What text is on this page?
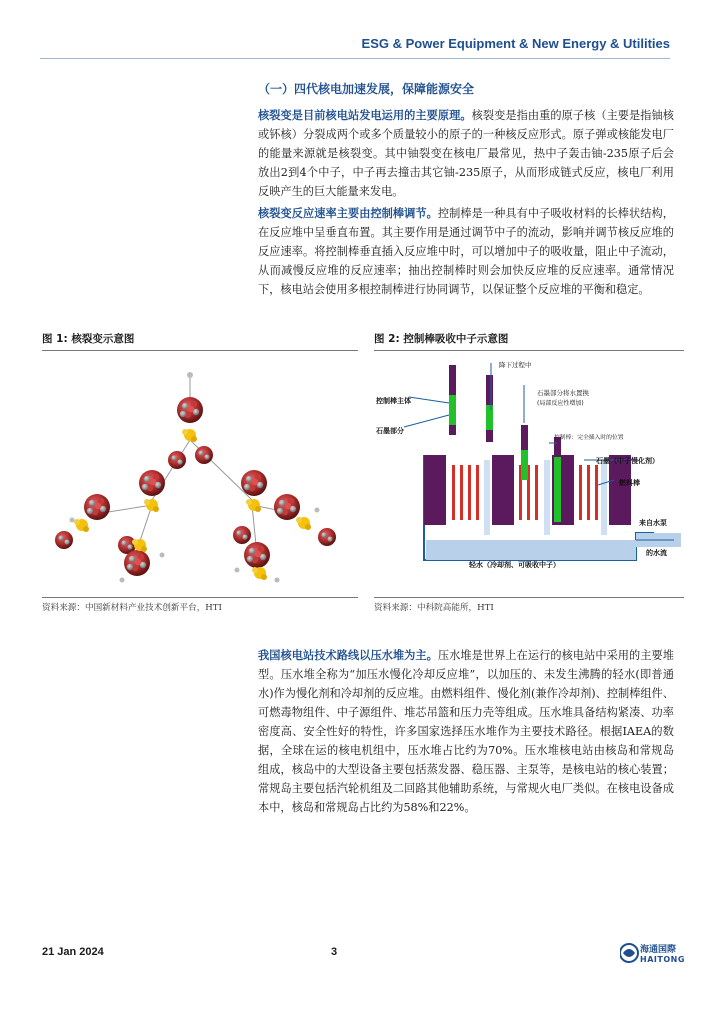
ESG & Power Equipment & New Energy & Utilities
（一）四代核电加速发展，保障能源安全
核裂变是目前核电站发电运用的主要原理。核裂变是指由重的原子核（主要是指铀核或钚核）分裂成两个或多个质量较小的原子的一种核反应形式。原子弹或核能发电厂的能量来源就是核裂变。其中铀裂变在核电厂最常见，热中子轰击铀-235原子后会放出2到4个中子，中子再去撞击其它铀-235原子，从而形成链式反应，核电厂利用反映产生的巨大能量来发电。
核裂变反应速率主要由控制棒调节。控制棒是一种具有中子吸收材料的长棒状结构，在反应堆中呈垂直布置。其主要作用是通过调节中子的流动，影响并调节核反应堆的反应速率。将控制棒垂直插入反应堆中时，可以增加中子的吸收量，阻止中子流动，从而减慢反应堆的反应速率；抽出控制棒时则会加快反应堆的反应速率。通常情况下，核电站会使用多根控制棒进行协同调节，以保证整个反应堆的平衡和稳定。
图 1: 核裂变示意图
资料来源：中国新材料产业技术创新平台，HTI
图 2: 控制棒吸收中子示意图
降下过程中
控制棒主体
石墨部分
石墨部分将水置换
(局部反应性增加)
控制棒：完全插入时的位置
石墨（中子慢化剂）
燃料棒
来自水泵
的水流
轻水（冷却剂、可吸收中子）
资料来源：中科院高能所，HTI
我国核电站技术路线以压水堆为主。压水堆是世界上在运行的核电站中采用的主要堆型。压水堆全称为“加压水慢化冷却反应堆”，以加压的、未发生沸腾的轻水(即普通水)作为慢化剂和冷却剂的反应堆。由燃料组件、慢化剂(兼作冷却剂)、控制棒组件、可燃毒物组件、中子源组件、堆芯吊篮和压力壳等组成。压水堆具备结构紧凑、功率密度高、安全性好的特性，许多国家选择压水堆作为主要技术路径。根据IAEA的数据，全球在运的核电机组中，压水堆占比约为70%。压水堆核电站由核岛和常规岛组成，核岛中的大型设备主要包括蒸发器、稳压器、主泵等，是核电站的核心装置；常规岛主要包括汽轮机组及二回路其他辅助系统，与常规火电厂类似。在核电设备成本中，核岛和常规岛占比约为58%和22%。
21 Jan 2024	3	海通国際
HAITONG
